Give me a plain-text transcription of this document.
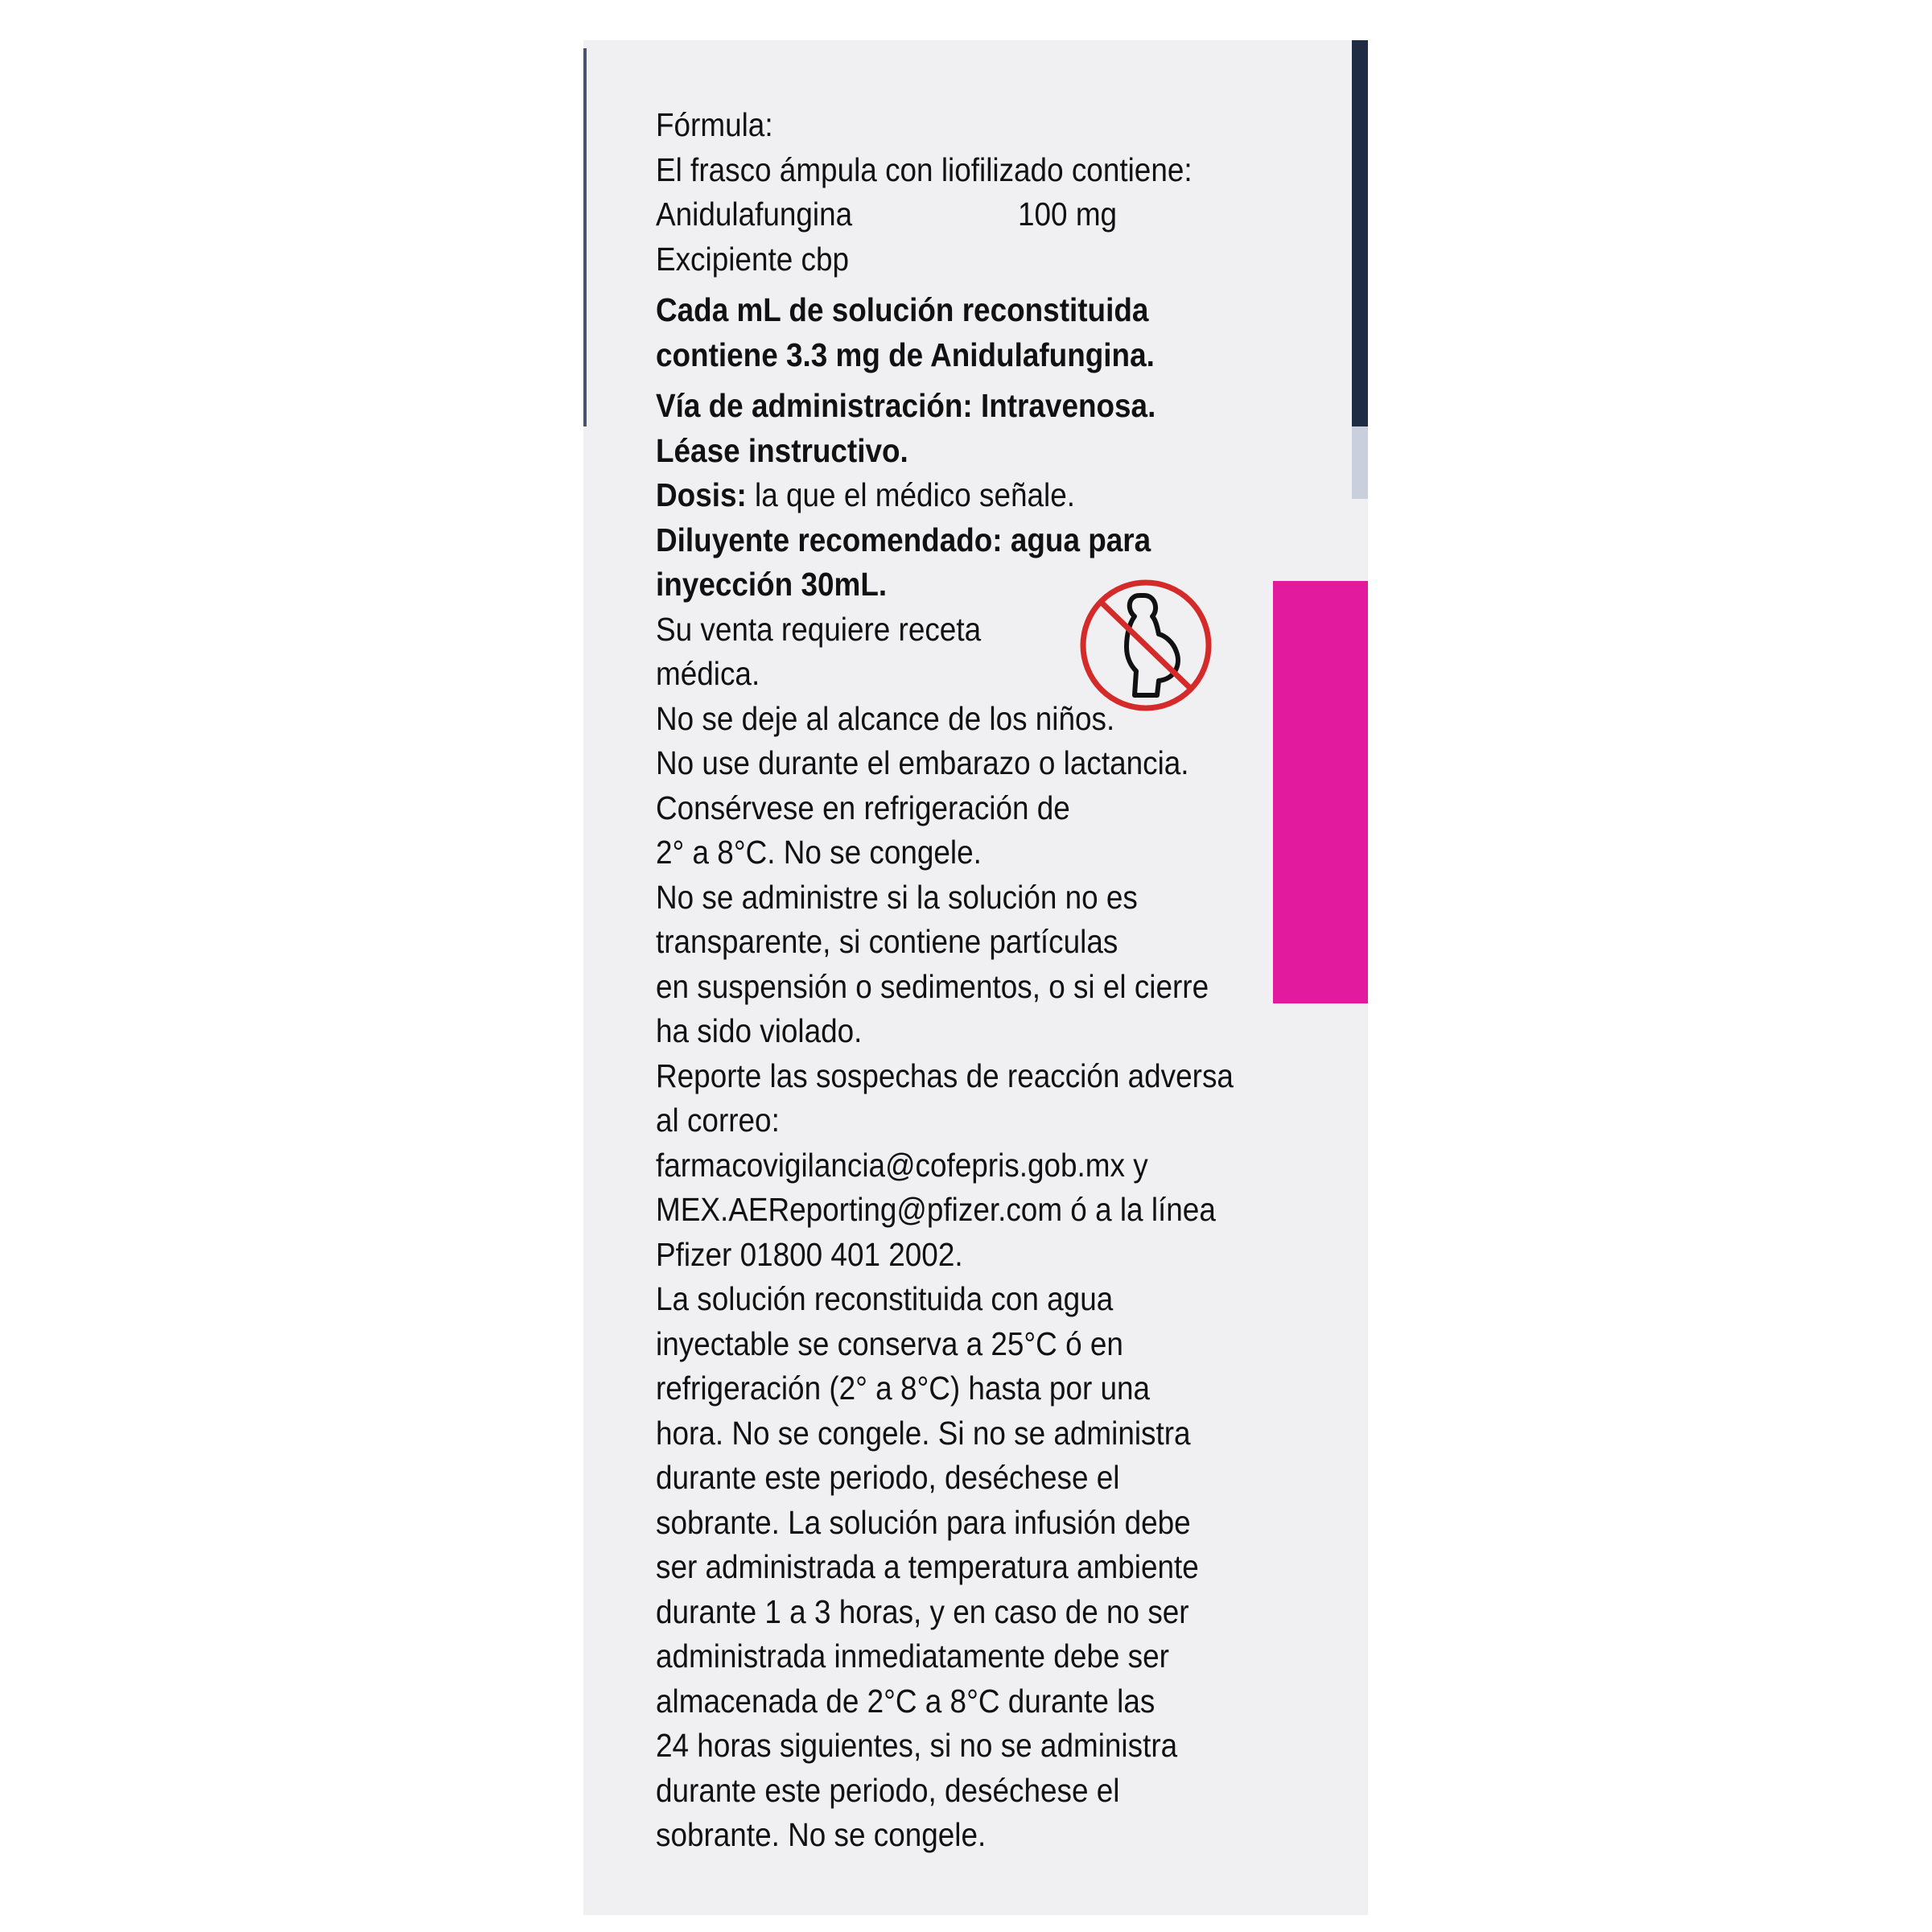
Fórmula:
El frasco ámpula con liofilizado contiene:
Anidulafungina	100 mg
Excipiente cbp
Cada mL de solución reconstituida
contiene 3.3 mg de Anidulafungina.
Vía de administración: Intravenosa.
Léase instructivo.
Dosis: la que el médico señale.
Diluyente recomendado: agua para
inyección 30mL.
Su venta requiere receta
médica.
No se deje al alcance de los niños.
No use durante el embarazo o lactancia.
Consérvese en refrigeración de
2° a 8°C. No se congele.
No se administre si la solución no es
transparente, si contiene partículas
en suspensión o sedimentos, o si el cierre
ha sido violado.
Reporte las sospechas de reacción adversa
al correo:
farmacovigilancia@cofepris.gob.mx y
MEX.AEReporting@pfizer.com ó a la línea
Pfizer 01800 401 2002.
La solución reconstituida con agua
inyectable se conserva a 25°C ó en
refrigeración (2° a 8°C) hasta por una
hora. No se congele. Si no se administra
durante este periodo, deséchese el
sobrante. La solución para infusión debe
ser administrada a temperatura ambiente
durante 1 a 3 horas, y en caso de no ser
administrada inmediatamente debe ser
almacenada de 2°C a 8°C durante las
24 horas siguientes, si no se administra
durante este periodo, deséchese el
sobrante. No se congele.
